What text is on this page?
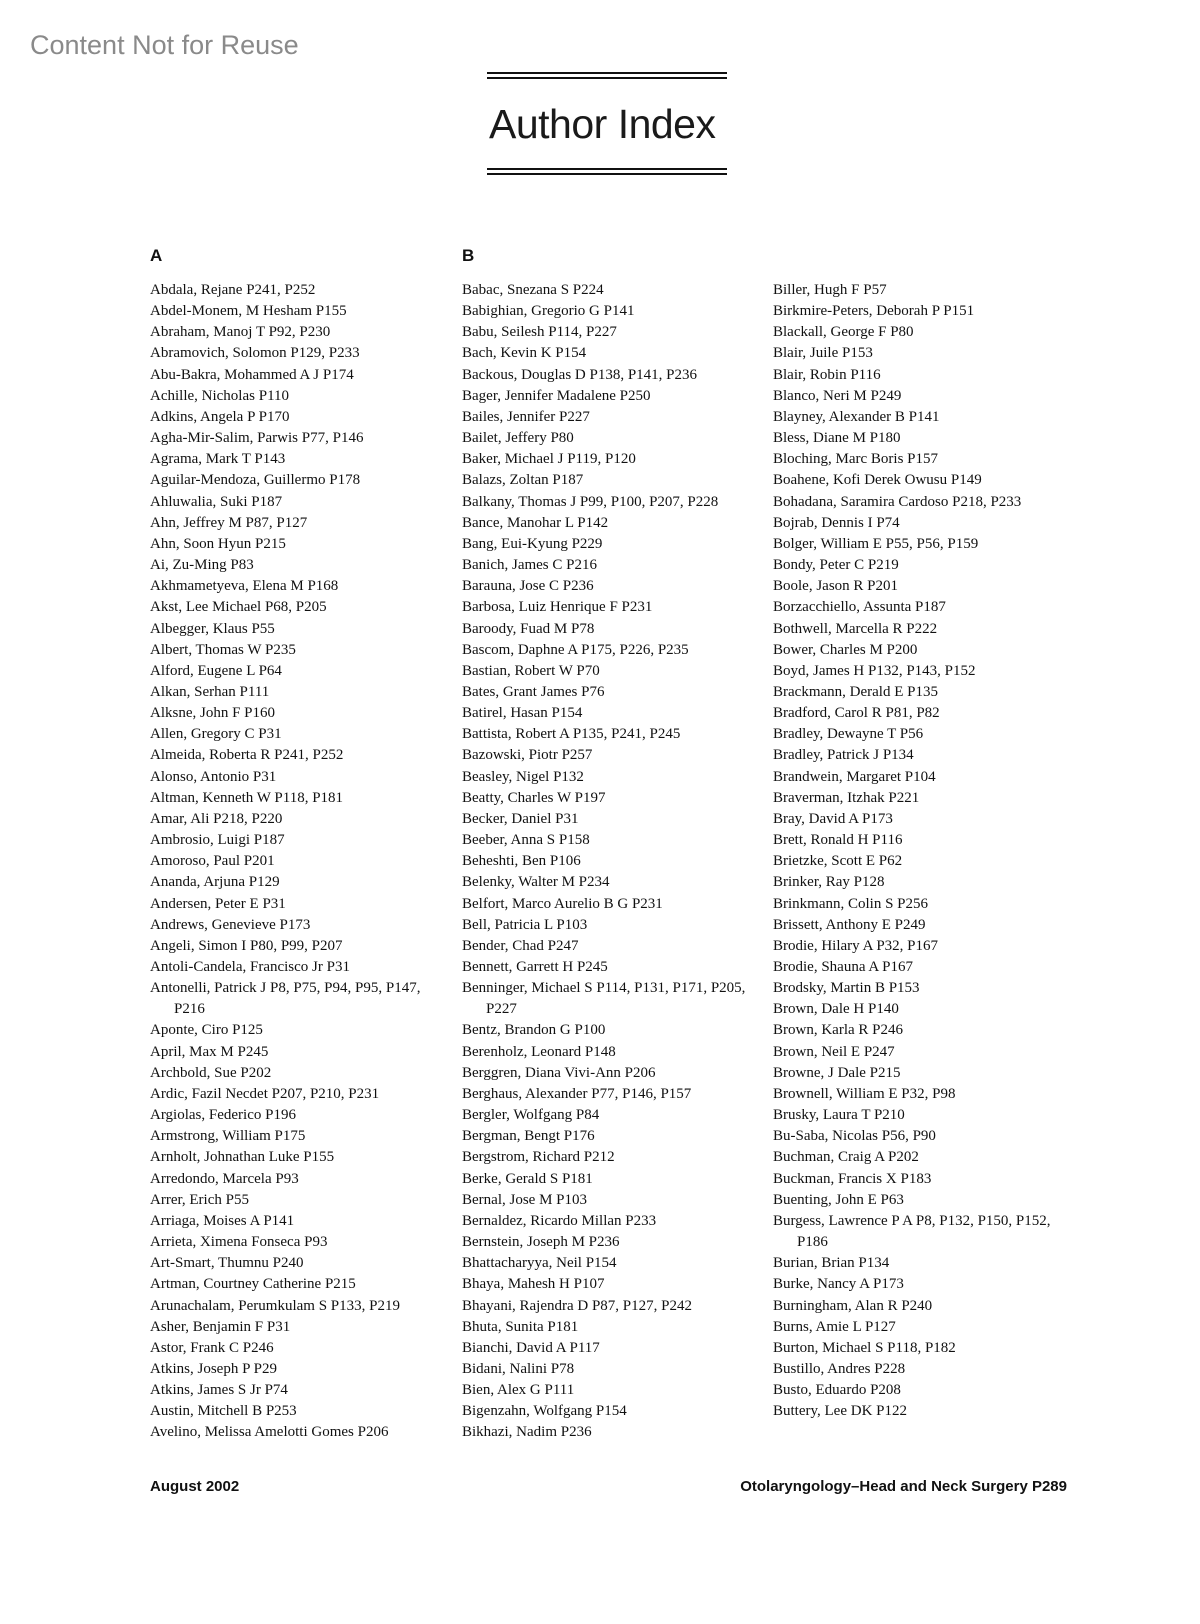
Content Not for Reuse
Author Index
A
Abdala, Rejane P241, P252
Abdel-Monem, M Hesham P155
Abraham, Manoj T P92, P230
Abramovich, Solomon P129, P233
Abu-Bakra, Mohammed A J P174
Achille, Nicholas P110
Adkins, Angela P P170
Agha-Mir-Salim, Parwis P77, P146
Agrama, Mark T P143
Aguilar-Mendoza, Guillermo P178
Ahluwalia, Suki P187
Ahn, Jeffrey M P87, P127
Ahn, Soon Hyun P215
Ai, Zu-Ming P83
Akhmametyeva, Elena M P168
Akst, Lee Michael P68, P205
Albegger, Klaus P55
Albert, Thomas W P235
Alford, Eugene L P64
Alkan, Serhan P111
Alksne, John F P160
Allen, Gregory C P31
Almeida, Roberta R P241, P252
Alonso, Antonio P31
Altman, Kenneth W P118, P181
Amar, Ali P218, P220
Ambrosio, Luigi P187
Amoroso, Paul P201
Ananda, Arjuna P129
Andersen, Peter E P31
Andrews, Genevieve P173
Angeli, Simon I P80, P99, P207
Antoli-Candela, Francisco Jr P31
Antonelli, Patrick J P8, P75, P94, P95, P147, P216
Aponte, Ciro P125
April, Max M P245
Archbold, Sue P202
Ardic, Fazil Necdet P207, P210, P231
Argiolas, Federico P196
Armstrong, William P175
Arnholt, Johnathan Luke P155
Arredondo, Marcela P93
Arrer, Erich P55
Arriaga, Moises A P141
Arrieta, Ximena Fonseca P93
Art-Smart, Thumnu P240
Artman, Courtney Catherine P215
Arunachalam, Perumkulam S P133, P219
Asher, Benjamin F P31
Astor, Frank C P246
Atkins, Joseph P P29
Atkins, James S Jr P74
Austin, Mitchell B P253
Avelino, Melissa Amelotti Gomes P206
B
Babac, Snezana S P224
Babighian, Gregorio G P141
Babu, Seilesh P114, P227
Bach, Kevin K P154
Backous, Douglas D P138, P141, P236
Bager, Jennifer Madalene P250
Bailes, Jennifer P227
Bailet, Jeffery P80
Baker, Michael J P119, P120
Balazs, Zoltan P187
Balkany, Thomas J P99, P100, P207, P228
Bance, Manohar L P142
Bang, Eui-Kyung P229
Banich, James C P216
Barauna, Jose C P236
Barbosa, Luiz Henrique F P231
Baroody, Fuad M P78
Bascom, Daphne A P175, P226, P235
Bastian, Robert W P70
Bates, Grant James P76
Batirel, Hasan P154
Battista, Robert A P135, P241, P245
Bazowski, Piotr P257
Beasley, Nigel P132
Beatty, Charles W P197
Becker, Daniel P31
Beeber, Anna S P158
Beheshti, Ben P106
Belenky, Walter M P234
Belfort, Marco Aurelio B G P231
Bell, Patricia L P103
Bender, Chad P247
Bennett, Garrett H P245
Benninger, Michael S P114, P131, P171, P205, P227
Bentz, Brandon G P100
Berenholz, Leonard P148
Berggren, Diana Vivi-Ann P206
Berghaus, Alexander P77, P146, P157
Bergler, Wolfgang P84
Bergman, Bengt P176
Bergstrom, Richard P212
Berke, Gerald S P181
Bernal, Jose M P103
Bernaldez, Ricardo Millan P233
Bernstein, Joseph M P236
Bhattacharyya, Neil P154
Bhaya, Mahesh H P107
Bhayani, Rajendra D P87, P127, P242
Bhuta, Sunita P181
Bianchi, David A P117
Bidani, Nalini P78
Bien, Alex G P111
Bigenzahn, Wolfgang P154
Bikhazi, Nadim P236
Biller, Hugh F P57
Birkmire-Peters, Deborah P P151
Blackall, George F P80
Blair, Juile P153
Blair, Robin P116
Blanco, Neri M P249
Blayney, Alexander B P141
Bless, Diane M P180
Bloching, Marc Boris P157
Boahene, Kofi Derek Owusu P149
Bohadana, Saramira Cardoso P218, P233
Bojrab, Dennis I P74
Bolger, William E P55, P56, P159
Bondy, Peter C P219
Boole, Jason R P201
Borzacchiello, Assunta P187
Bothwell, Marcella R P222
Bower, Charles M P200
Boyd, James H P132, P143, P152
Brackmann, Derald E P135
Bradford, Carol R P81, P82
Bradley, Dewayne T P56
Bradley, Patrick J P134
Brandwein, Margaret P104
Braverman, Itzhak P221
Bray, David A P173
Brett, Ronald H P116
Brietzke, Scott E P62
Brinker, Ray P128
Brinkmann, Colin S P256
Brissett, Anthony E P249
Brodie, Hilary A P32, P167
Brodie, Shauna A P167
Brodsky, Martin B P153
Brown, Dale H P140
Brown, Karla R P246
Brown, Neil E P247
Browne, J Dale P215
Brownell, William E P32, P98
Brusky, Laura T P210
Bu-Saba, Nicolas P56, P90
Buchman, Craig A P202
Buckman, Francis X P183
Buenting, John E P63
Burgess, Lawrence P A P8, P132, P150, P152, P186
Burian, Brian P134
Burke, Nancy A P173
Burningham, Alan R P240
Burns, Amie L P127
Burton, Michael S P118, P182
Bustillo, Andres P228
Busto, Eduardo P208
Buttery, Lee DK P122
August 2002	Otolaryngology–Head and Neck Surgery P289
